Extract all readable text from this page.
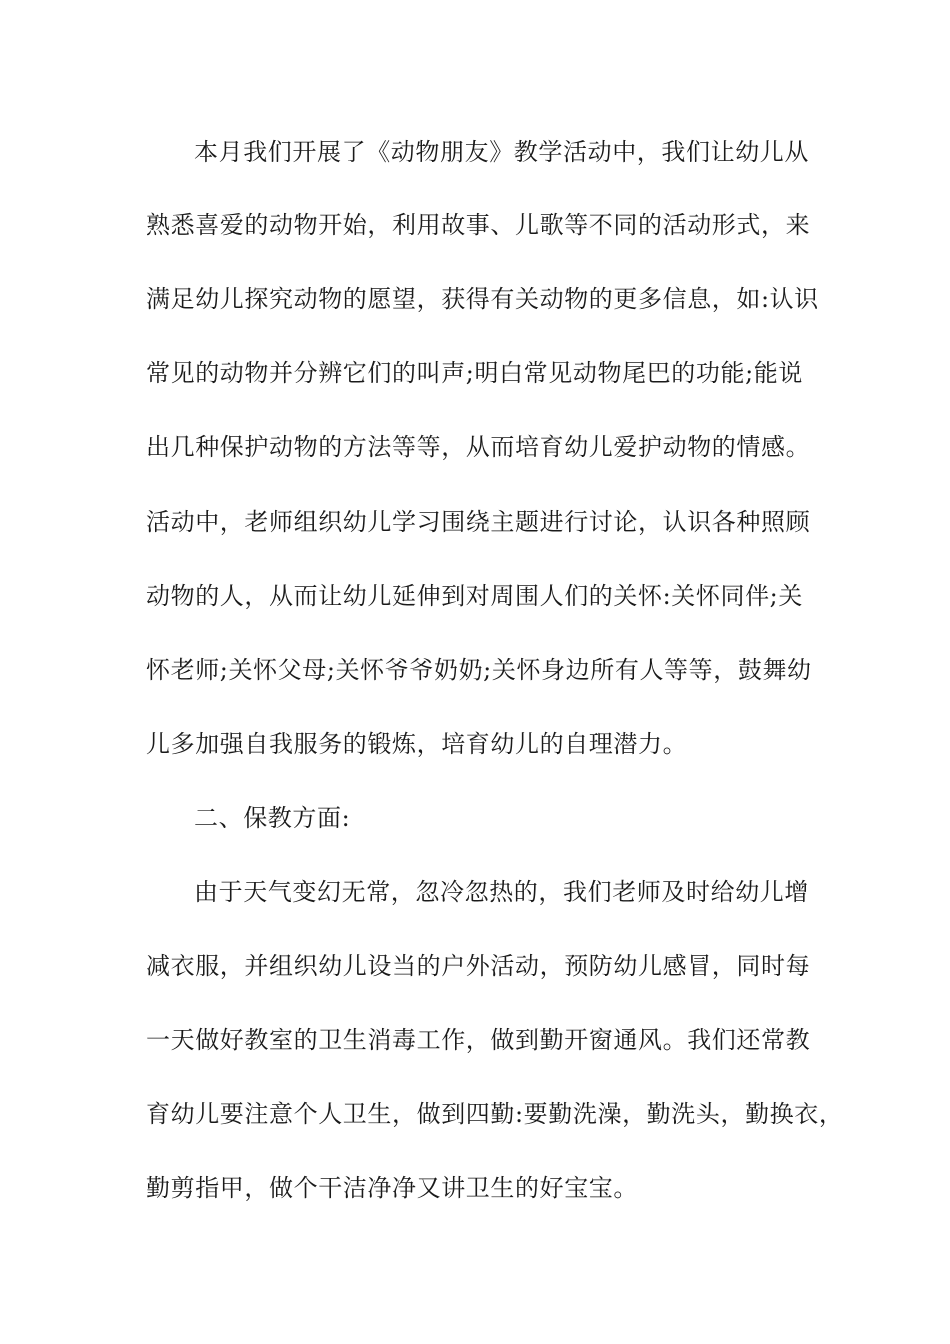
本月我们开展了《动物朋友》教学活动中，我们让幼儿从
熟悉喜爱的动物开始，利用故事、儿歌等不同的活动形式，来
满足幼儿探究动物的愿望，获得有关动物的更多信息，如:认识
常见的动物并分辨它们的叫声;明白常见动物尾巴的功能;能说
出几种保护动物的方法等等，从而培育幼儿爱护动物的情感。
活动中，老师组织幼儿学习围绕主题进行讨论，认识各种照顾
动物的人，从而让幼儿延伸到对周围人们的关怀:关怀同伴;关
怀老师;关怀父母;关怀爷爷奶奶;关怀身边所有人等等，鼓舞幼
儿多加强自我服务的锻炼，培育幼儿的自理潜力。
二、保教方面:
由于天气变幻无常，忽冷忽热的，我们老师及时给幼儿增
减衣服，并组织幼儿设当的户外活动，预防幼儿感冒，同时每
一天做好教室的卫生消毒工作，做到勤开窗通风。我们还常教
育幼儿要注意个人卫生，做到四勤:要勤洗澡，勤洗头，勤换衣，
勤剪指甲，做个干洁净净又讲卫生的好宝宝。
